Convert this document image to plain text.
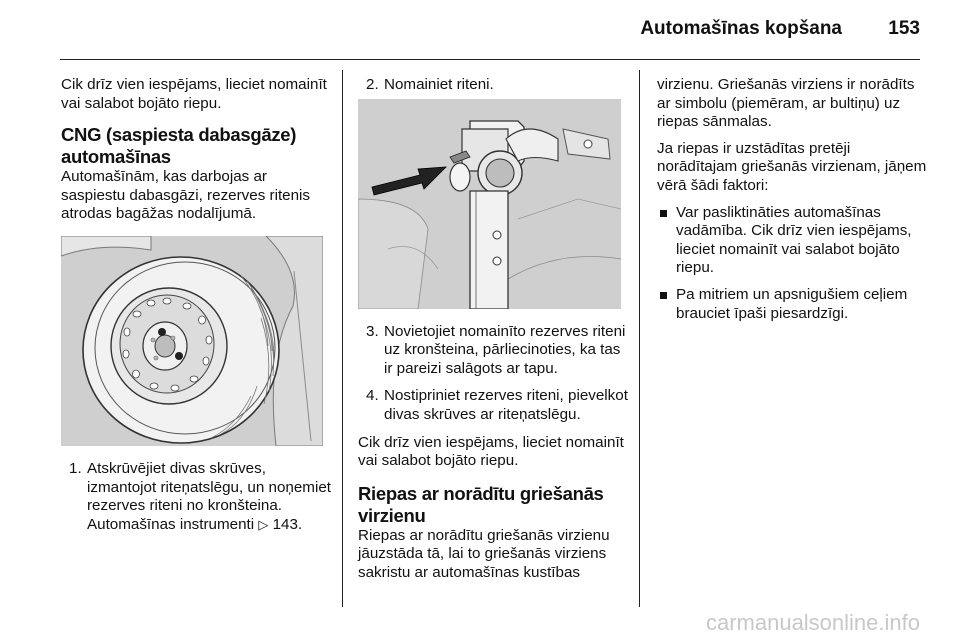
Automašīnas kopšana 153

Cik drīz vien iespējams, lieciet nomainīt vai salabot bojāto riepu.

CNG (saspiesta dabasgāze) automašīnas

Automašīnām, kas darbojas ar saspiestu dabasgāzi, rezerves ritenis atrodas bagāžas nodalījumā.

1. Atskrūvējiet divas skrūves, izmantojot riteņatslēgu, un noņemiet rezerves riteni no kronšteina. Automašīnas instrumenti ▷ 143.
2. Nomainiet riteni.
3. Novietojiet nomainīto rezerves riteni uz kronšteina, pārliecinoties, ka tas ir pareizi salāgots ar tapu.
4. Nostipriniet rezerves riteni, pievelkot divas skrūves ar riteņatslēgu.

Cik drīz vien iespējams, lieciet nomainīt vai salabot bojāto riepu.

Riepas ar norādītu griešanās virzienu

Riepas ar norādītu griešanās virzienu jāuzstāda tā, lai to griešanās virziens sakristu ar automašīnas kustības

virzienu. Griešanās virziens ir norādīts ar simbolu (piemēram, ar bultiņu) uz riepas sānmalas.

Ja riepas ir uzstādītas pretēji norādītajam griešanās virzienam, jāņem vērā šādi faktori:

Var pasliktināties automašīnas vadāmība. Cik drīz vien iespējams, lieciet nomainīt vai salabot bojāto riepu.
Pa mitriem un apsnigušiem ceļiem brauciet īpaši piesardzīgi.
carmanualsonline.info
